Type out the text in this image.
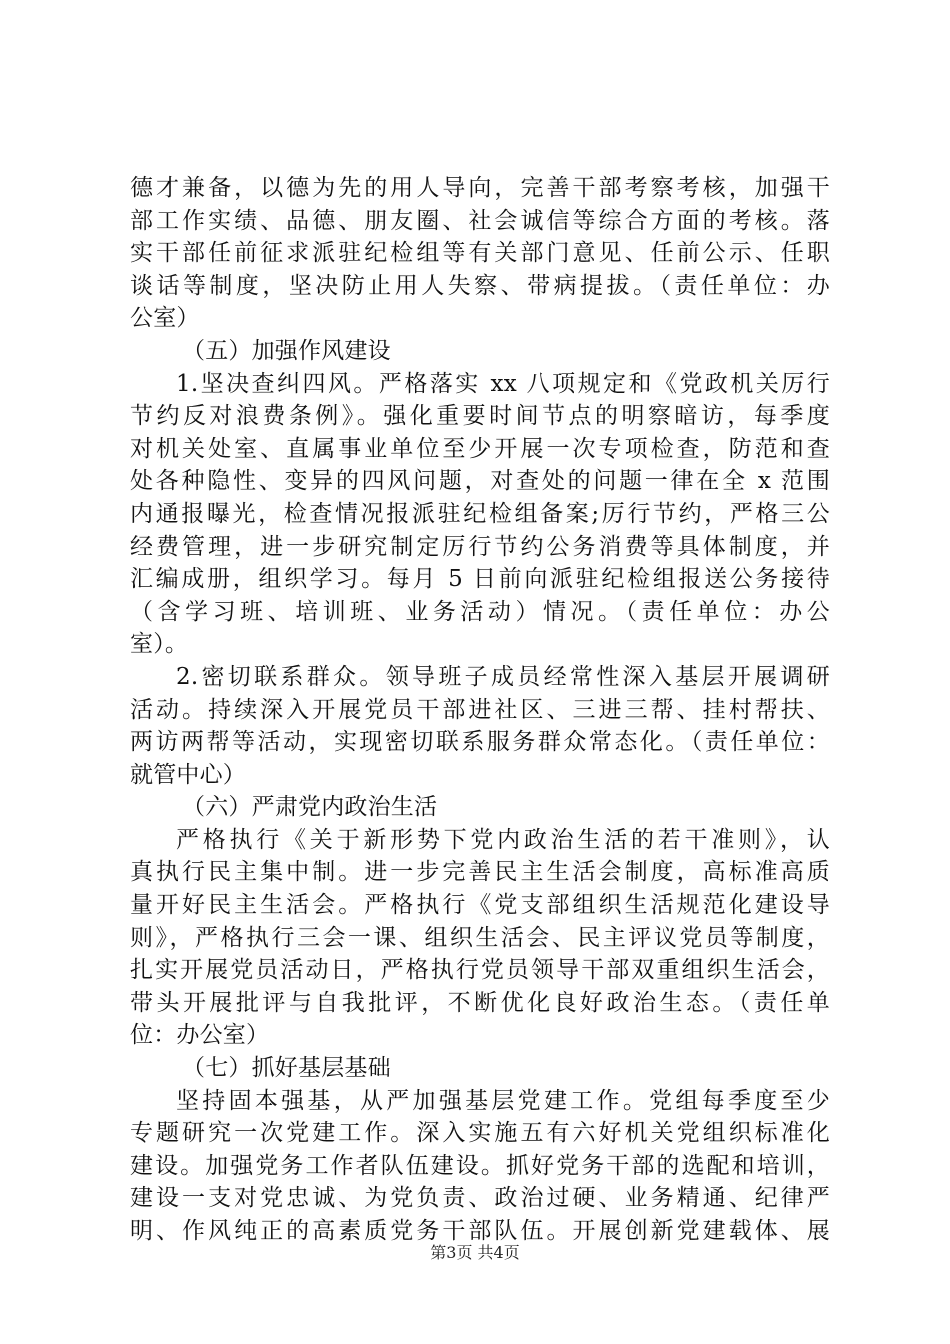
德才兼备，以德为先的用人导向，完善干部考察考核，加强干
部工作实绩、品德、朋友圈、社会诚信等综合方面的考核。落
实干部任前征求派驻纪检组等有关部门意见、任前公示、任职
谈话等制度，坚决防止用人失察、带病提拔。（责任单位：办
公室）
（五）加强作风建设
1.坚决查纠四风。严格落实 xx 八项规定和《党政机关厉行
节约反对浪费条例》。强化重要时间节点的明察暗访，每季度
对机关处室、直属事业单位至少开展一次专项检查，防范和查
处各种隐性、变异的四风问题，对查处的问题一律在全 x 范围
内通报曝光，检查情况报派驻纪检组备案;厉行节约，严格三公
经费管理，进一步研究制定厉行节约公务消费等具体制度，并
汇编成册，组织学习。每月 5 日前向派驻纪检组报送公务接待
（含学习班、培训班、业务活动）情况。（责任单位：办公
室）。
2.密切联系群众。领导班子成员经常性深入基层开展调研
活动。持续深入开展党员干部进社区、三进三帮、挂村帮扶、
两访两帮等活动，实现密切联系服务群众常态化。（责任单位：
就管中心）
（六）严肃党内政治生活
严格执行《关于新形势下党内政治生活的若干准则》，认
真执行民主集中制。进一步完善民主生活会制度，高标准高质
量开好民主生活会。严格执行《党支部组织生活规范化建设导
则》，严格执行三会一课、组织生活会、民主评议党员等制度，
扎实开展党员活动日，严格执行党员领导干部双重组织生活会，
带头开展批评与自我批评，不断优化良好政治生态。（责任单
位：办公室）
（七）抓好基层基础
坚持固本强基，从严加强基层党建工作。党组每季度至少
专题研究一次党建工作。深入实施五有六好机关党组织标准化
建设。加强党务工作者队伍建设。抓好党务干部的选配和培训，
建设一支对党忠诚、为党负责、政治过硬、业务精通、纪律严
明、作风纯正的高素质党务干部队伍。开展创新党建载体、展
第3页 共4页
